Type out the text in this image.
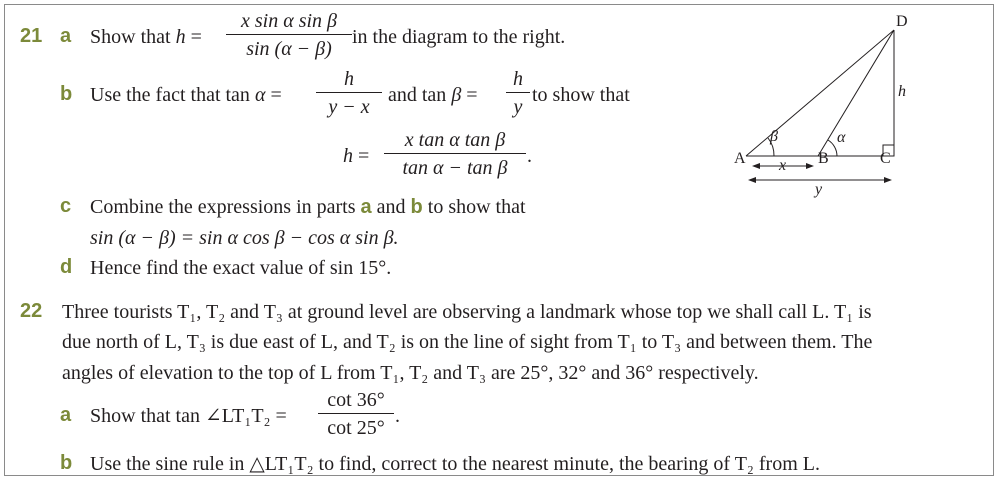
21 a Show that h =
x sin α sin β
sin (α − β)
in the diagram to the right.
b Use the fact that tan α =
h
y − x
and tan β =
h
y
to show that
h =
x tan α tan β
tan α − tan β
.
c Combine the expressions in parts a and b to show that
sin (α − β) = sin α cos β − cos α sin β.
d Hence find the exact value of sin 15°.
D
A	B	C
h
x
y
β	α
22 Three tourists T₁, T₂ and T₃ at ground level are observing a landmark whose top we shall call L. T₁ is
due north of L, T₃ is due east of L, and T₂ is on the line of sight from T₁ to T₃ and between them. The
angles of elevation to the top of L from T₁, T₂ and T₃ are 25°, 32° and 36° respectively.
a Show that tan ∠LT₁T₂ =
cot 36°
cot 25°
.
b Use the sine rule in △LT₁T₂ to find, correct to the nearest minute, the bearing of T₂ from L.
